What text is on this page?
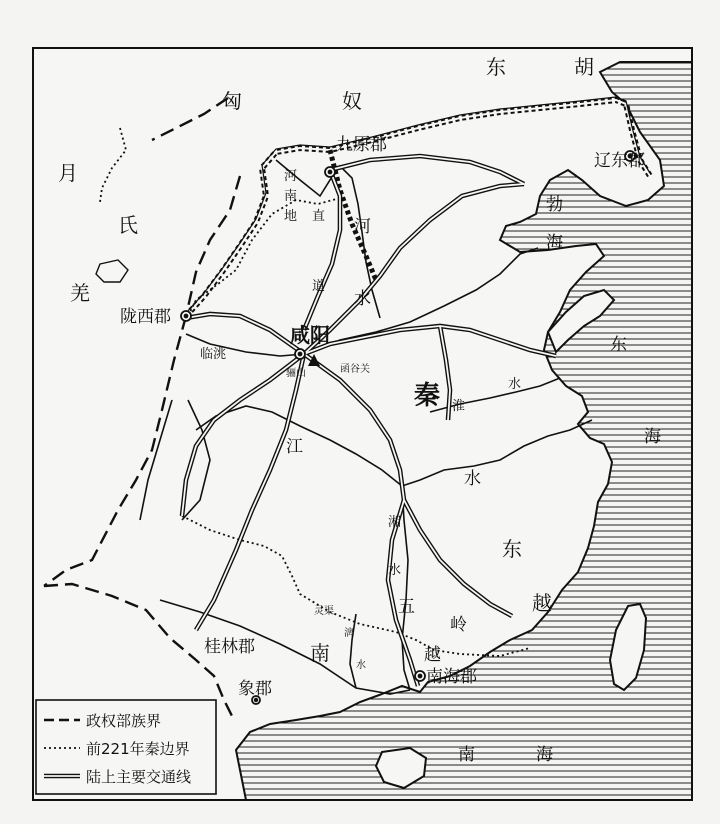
匈	奴
东	胡
月
氏
羌
秦
南
东
越
河
南
地
九原郡
辽东郡
陇西郡
咸阳
南海郡
桂林郡
象郡
临洮
骊山	函谷关
灵渠
勃
海
东
海
南	海
河
水
水
淮
江
水
湘
水
漓
水
直
道
五
岭
越
政权部族界
前221年秦边界
陆上主要交通线
